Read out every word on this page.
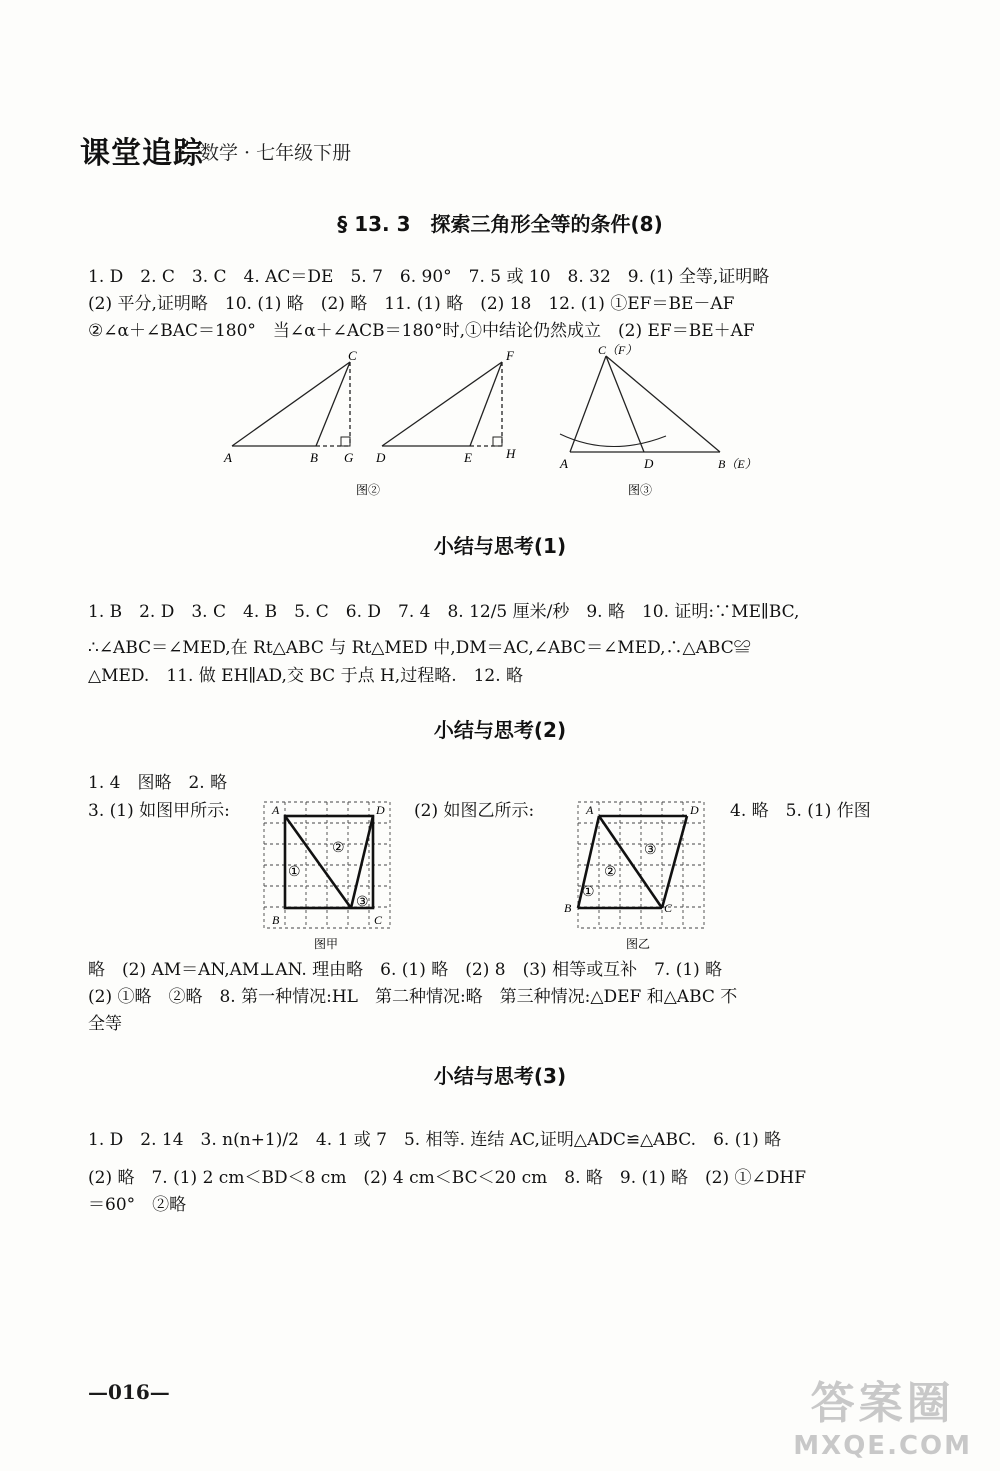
课堂追踪
数学 · 七年级下册
§ 13. 3　探索三角形全等的条件(8)
1. D　2. C　3. C　4. AC＝DE　5. 7　6. 90°　7. 5 或 10　8. 32　9. (1) 全等,证明略
(2) 平分,证明略　10. (1) 略　(2) 略　11. (1) 略　(2) 18　12. (1) ①EF＝BE－AF
②∠α＋∠BAC＝180°　当∠α＋∠ACB＝180°时,①中结论仍然成立　(2) EF＝BE＋AF
A	B G
C
D	E	H
F
图②
C（F）
A	D	B（E）
图③
小结与思考(1)
1. B　2. D　3. C　4. B　5. C　6. D　7. 4　8. 12/5 厘米/秒　9. 略　10. 证明:∵ME∥BC,
∴∠ABC＝∠MED,在 Rt△ABC 与 Rt△MED 中,DM＝AC,∠ABC＝∠MED,∴△ABC≌
△MED.　11. 做 EH∥AD,交 BC 于点 H,过程略.　12. 略
小结与思考(2)
1. 4　图略　2. 略
3. (1) 如图甲所示:	(2) 如图乙所示:	4. 略　5. (1) 作图
A	D
B	C
①
②
③
图甲
A	D
B	C
①
②
③
图乙
略　(2) AM＝AN,AM⊥AN. 理由略　6. (1) 略　(2) 8　(3) 相等或互补　7. (1) 略
(2) ①略　②略　8. 第一种情况:HL　第二种情况:略　第三种情况:△DEF 和△ABC 不
全等
小结与思考(3)
1. D　2. 14　3. n(n+1)/2　4. 1 或 7　5. 相等. 连结 AC,证明△ADC≌△ABC.　6. (1) 略
(2) 略　7. (1) 2 cm＜BD＜8 cm　(2) 4 cm＜BC＜20 cm　8. 略　9. (1) 略　(2) ①∠DHF
＝60°　②略
—016—	答案圈
MXQE.COM
